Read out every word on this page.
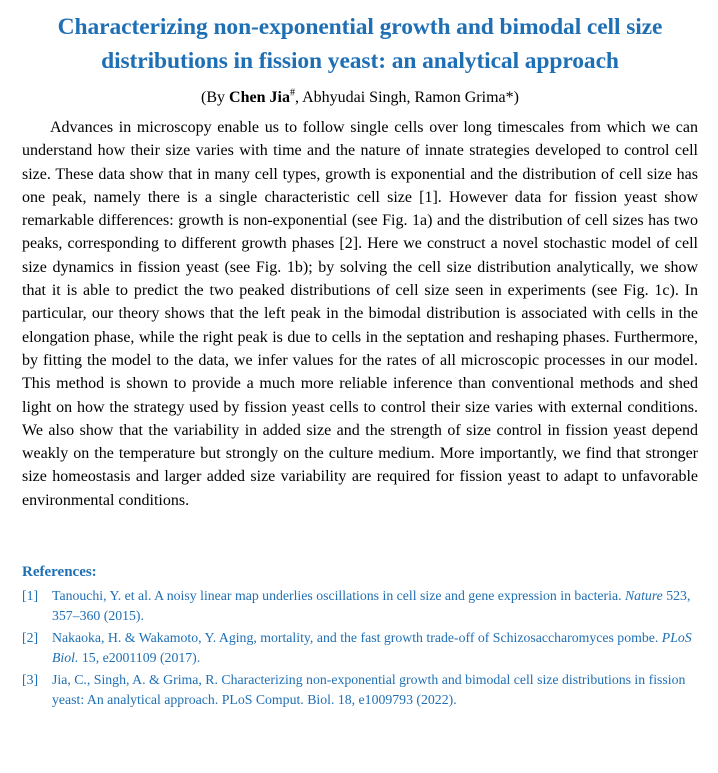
Characterizing non-exponential growth and bimodal cell size
distributions in fission yeast: an analytical approach
(By Chen Jia#, Abhyudai Singh, Ramon Grima*)

Advances in microscopy enable us to follow single cells over long timescales from which we can understand how their size varies with time and the nature of innate strategies developed to control cell size. These data show that in many cell types, growth is exponential and the distribution of cell size has one peak, namely there is a single characteristic cell size [1]. However data for fission yeast show remarkable differences: growth is non-exponential (see Fig. 1a) and the distribution of cell sizes has two peaks, corresponding to different growth phases [2]. Here we construct a novel stochastic model of cell size dynamics in fission yeast (see Fig. 1b); by solving the cell size distribution analytically, we show that it is able to predict the two peaked distributions of cell size seen in experiments (see Fig. 1c). In particular, our theory shows that the left peak in the bimodal distribution is associated with cells in the elongation phase, while the right peak is due to cells in the septation and reshaping phases. Furthermore, by fitting the model to the data, we infer values for the rates of all microscopic processes in our model. This method is shown to provide a much more reliable inference than conventional methods and shed light on how the strategy used by fission yeast cells to control their size varies with external conditions. We also show that the variability in added size and the strength of size control in fission yeast depend weakly on the temperature but strongly on the culture medium. More importantly, we find that stronger size homeostasis and larger added size variability are required for fission yeast to adapt to unfavorable environmental conditions.

References:
[1]	Tanouchi, Y. et al. A noisy linear map underlies oscillations in cell size and gene expression in bacteria. Nature 523, 357–360 (2015).
[2]	Nakaoka, H. & Wakamoto, Y. Aging, mortality, and the fast growth trade-off of Schizosaccharomyces pombe. PLoS Biol. 15, e2001109 (2017).
[3]	Jia, C., Singh, A. & Grima, R. Characterizing non-exponential growth and bimodal cell size distributions in fission yeast: An analytical approach. PLoS Comput. Biol. 18, e1009793 (2022).
